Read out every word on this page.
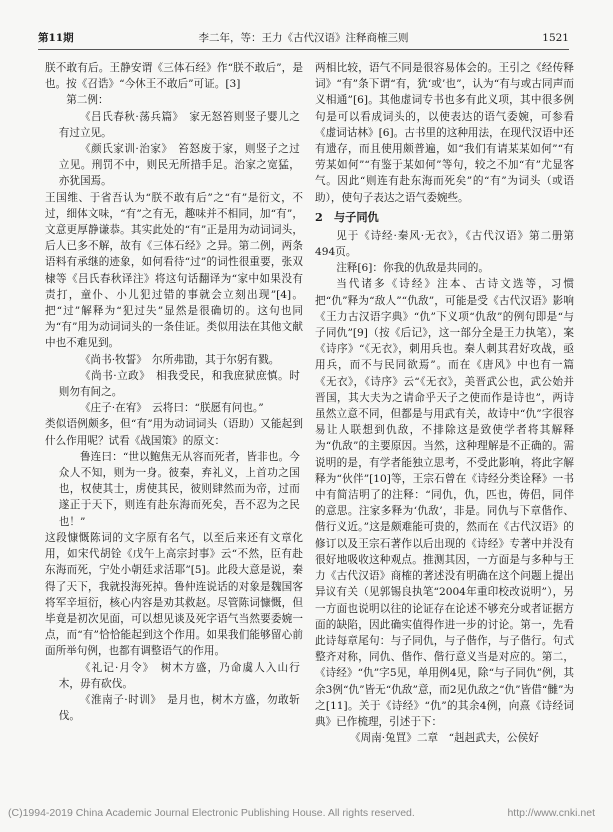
第11期	李二年，等：王力《古代汉语》注释商榷三则	1521

朕不敢有后。王静安谓《三体石经》作“朕不敢后”，是也。按《召诰》“今休王不敢后”可证。[3]

第二例：

《吕氏春秋·荡兵篇》　家无怒笞则竖子婴儿之有过立见。

《颜氏家训·治家》　笞怒废于家，则竖子之过立见。刑罚不中，则民无所措手足。治家之宽猛，亦犹国焉。

王国维、于省吾认为“朕不敢有后”之“有”是衍文，不过，细体文味，“有”之有无，趣味并不相同，加“有”，文意更厚静谦恭。其实此处的“有”正是用为动词词头，后人已多不解，故有《三体石经》之异。第二例，两条语料有承继的迹象，如何看待“过”的词性很重要，张双棣等《吕氏春秋译注》将这句话翻译为“家中如果没有责打，童仆、小儿犯过错的事就会立刻出现”[4]。把“过”解释为“犯过失”显然是很确切的。这句也同为“有”用为动词词头的一条佳证。类似用法在其他文献中也不难见到。

《尚书·牧誓》　尔所弗勖，其于尔躬有戮。

《尚书·立政》　相我受民，和我庶狱庶慎。时则勿有间之。

《庄子·在宥》　云将曰：“朕愿有问也。”

类似语例颇多，但“有”用为动词词头（语助）又能起到什么作用呢？试看《战国策》的原文：

鲁连曰：“世以鲍焦无从容而死者，皆非也。今众人不知，则为一身。彼秦，弃礼义，上首功之国也，权使其士，虏使其民，彼则肆然而为帝，过而遂正于天下，则连有赴东海而死矣，吾不忍为之民也！”

这段慷慨陈词的文字原有名气，以至后来还有文章化用，如宋代胡铨《戊午上高宗封事》云“不然，臣有赴东海而死，宁处小朝廷求活耶”[5]。此段大意是说，秦得了天下，我就投海死掉。鲁仲连说话的对象是魏国客将军辛垣衍，核心内容是劝其救赵。尽管陈词慷慨，但毕竟是初次见面，可以想见谈及死字语气当然要委婉一点，而“有”恰恰能起到这个作用。如果我们能够留心前面所举句例，也都有调整语气的作用。

《礼记·月令》　树木方盛，乃命虞人入山行木，毋有砍伐。

《淮南子·时训》　是月也，树木方盛，勿敢斩伐。

两相比较，语气不同是很容易体会的。王引之《经传释词》“有”条下谓“有，犹‘或’也”，认为“有与或古同声而义相通”[6]。其他虚词专书也多有此义项，其中很多例句是可以看成词头的，以使表达的语气委婉，可参看《虚词诂林》[6]。古书里的这种用法，在现代汉语中还有遗存，而且使用颇普遍，如“我们有请某某如何”“有劳某如何”“有鉴于某如何”等句，较之不加“有”尤显客气。因此“则连有赴东海而死矣”的“有”为词头（或语助），使句子表达之语气委婉些。

2　与子同仇

见于《诗经·秦风·无衣》，《古代汉语》第二册第494页。

注释[6]：你我的仇敌是共同的。

当代诸多《诗经》注本、古诗文选等，习惯把“仇”释为“敌人”“仇敌”，可能是受《古代汉语》影响《王力古汉语字典》“仇”下义项“仇敌”的例句即是“与子同仇”[9]（按《后记》，这一部分全是王力执笔），案《诗序》“《无衣》，刺用兵也。秦人刺其君好攻战，亟用兵，而不与民同欲焉”。而在《唐风》中也有一篇《无衣》，《诗序》云“《无衣》，美晋武公也，武公始并晋国，其大夫为之请命乎天子之使而作是诗也”，两诗虽然立意不同，但都是与用武有关，故诗中“仇”字很容易让人联想到仇敌，不排除这是致使学者将其解释为“仇敌”的主要原因。当然，这种理解是不正确的。需说明的是，有学者能独立思考，不受此影响，将此字解释为“伙伴”[10]等，王宗石曾在《诗经分类诠释》一书中有简洁明了的注释：“同仇，仇，匹也，俦侣，同伴的意思。注家多释为‘仇敌’，非是。同仇与下章偕作、偕行义近。”这是颇难能可贵的，然而在《古代汉语》的修订以及王宗石著作以后出现的《诗经》专著中并没有很好地吸收这种观点。推测其因，一方面是与多种与王力《古代汉语》商榷的著述没有明确在这个问题上提出异议有关（见郭锡良执笔“2004年重印校改说明”），另一方面也说明以往的论证存在论述不够充分或者证据方面的缺陷，因此确实值得作进一步的讨论。第一，先看此诗每章尾句：与子同仇，与子偕作，与子偕行。句式整齐对称，同仇、偕作、偕行意义当是对应的。第二，《诗经》“仇”字5见，单用例4见，除“与子同仇”例，其余3例“仇”皆无“仇敌”意，而2见仇敌之“仇”皆借“雠”为之[11]。关于《诗经》“仇”的其余4例，向熹《诗经词典》已作梳理，引述于下：

《周南·兔罝》二章　“赳赳武夫，公侯好

(C)1994-2019 China Academic Journal Electronic Publishing House. All rights reserved.	http://www.cnki.net
